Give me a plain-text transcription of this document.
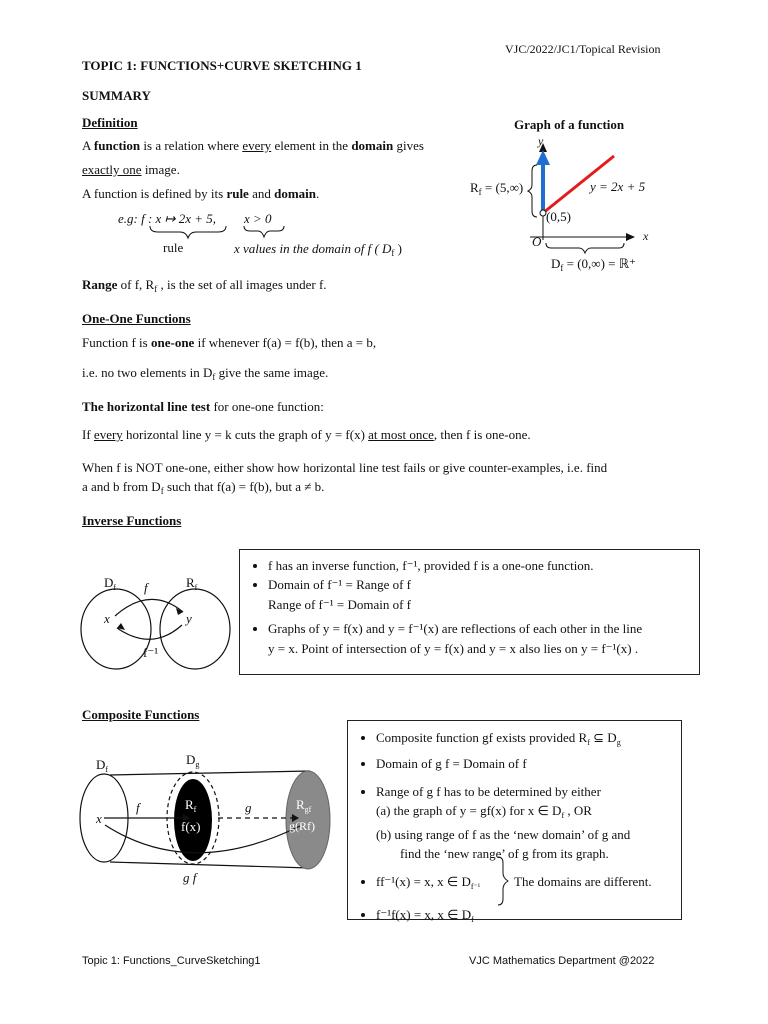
VJC/2022/JC1/Topical Revision
TOPIC 1: FUNCTIONS+CURVE SKETCHING 1
SUMMARY
Definition
A function is a relation where every element in the domain gives
exactly one image.
A function is defined by its rule and domain.
e.g: f : x ↦ 2x + 5, x > 0
rule	x values in the domain of f ( $D_f$ )
Range of f, $R_f$ , is the set of all images under f.
Graph of a function
y
x
O
$R_f = (5,\infty)$	y = 2x + 5
(0,5)
$D_f = (0,\infty)$ = ℝ⁺
One-One Functions
Function f is one-one if whenever f(a) = f(b), then a = b,
i.e. no two elements in $D_f$ give the same image.
The horizontal line test for one-one function:
If every horizontal line y = k cuts the graph of y = f(x) at most once, then f is one-one.
When f is NOT one-one, either show how horizontal line test fails or give counter-examples, i.e. find
a and b from $D_f$ such that f(a) = f(b), but a ≠ b.
Inverse Functions
$D_f$	$R_f$
f
x	y
f⁻¹
• f has an inverse function, f⁻¹, provided f is a one-one function.
• Domain of f⁻¹ = Range of f
Range of f⁻¹ = Domain of f
• Graphs of y = f(x) and y = f⁻¹(x) are reflections of each other in the line
y = x. Point of intersection of y = f(x) and y = x also lies on y = f⁻¹(x) .
Composite Functions
$D_f$
$D_g$
x
f	g
$R_f$
f(x)
$R_{gf}$
g(Rf)
g f
• Composite function gf exists provided $R_f$ ⊆ $D_g$
• Domain of g f = Domain of f
• Range of g f has to be determined by either
(a) the graph of y = gf(x) for x ∈ $D_f$ , OR
(b) using range of f as the ‘new domain’ of g and
find the ‘new range’ of g from its graph.
• ff⁻¹(x) = x, x ∈ $D_{f^{-1}}$
• f⁻¹f(x) = x, x ∈ $D_f$
The domains are different.
Topic 1: Functions_CurveSketching1	VJC Mathematics Department @2022
